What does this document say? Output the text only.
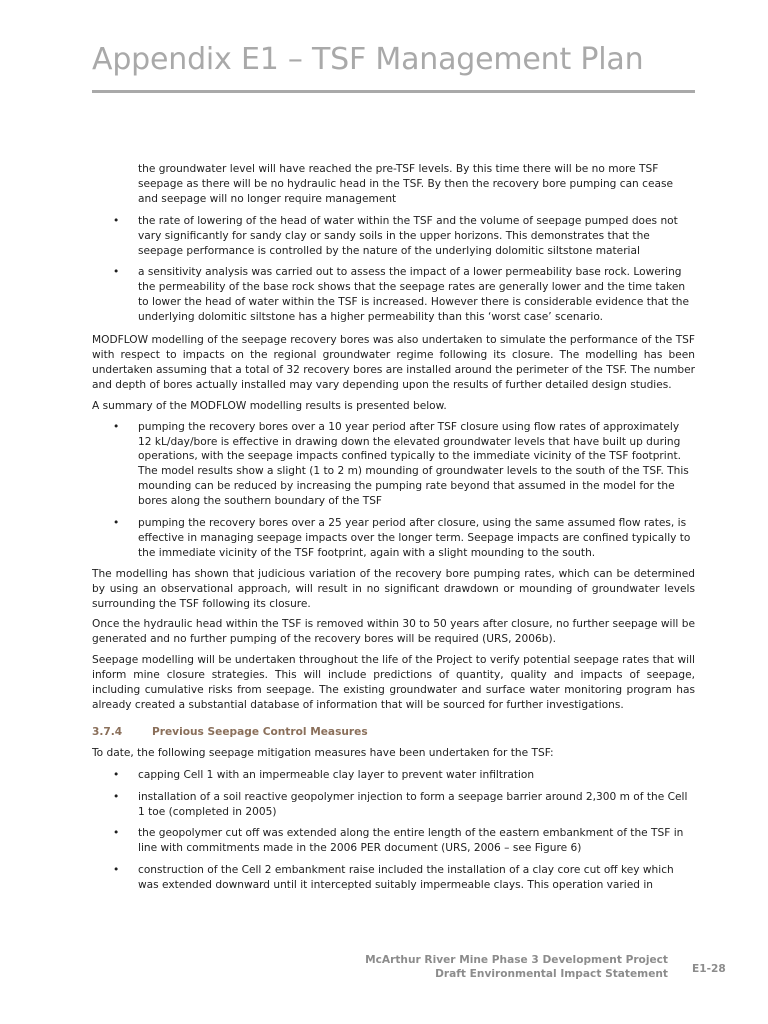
Appendix E1 – TSF Management Plan
the groundwater level will have reached the pre-TSF levels. By this time there will be no more TSF seepage as there will be no hydraulic head in the TSF. By then the recovery bore pumping can cease and seepage will no longer require management
• the rate of lowering of the head of water within the TSF and the volume of seepage pumped does not vary significantly for sandy clay or sandy soils in the upper horizons. This demonstrates that the seepage performance is controlled by the nature of the underlying dolomitic siltstone material
• a sensitivity analysis was carried out to assess the impact of a lower permeability base rock. Lowering the permeability of the base rock shows that the seepage rates are generally lower and the time taken to lower the head of water within the TSF is increased. However there is considerable evidence that the underlying dolomitic siltstone has a higher permeability than this ‘worst case’ scenario.

MODFLOW modelling of the seepage recovery bores was also undertaken to simulate the performance of the TSF with respect to impacts on the regional groundwater regime following its closure. The modelling has been undertaken assuming that a total of 32 recovery bores are installed around the perimeter of the TSF. The number and depth of bores actually installed may vary depending upon the results of further detailed design studies.

A summary of the MODFLOW modelling results is presented below.

• pumping the recovery bores over a 10 year period after TSF closure using flow rates of approximately 12 kL/day/bore is effective in drawing down the elevated groundwater levels that have built up during operations, with the seepage impacts confined typically to the immediate vicinity of the TSF footprint. The model results show a slight (1 to 2 m) mounding of groundwater levels to the south of the TSF. This mounding can be reduced by increasing the pumping rate beyond that assumed in the model for the bores along the southern boundary of the TSF
• pumping the recovery bores over a 25 year period after closure, using the same assumed flow rates, is effective in managing seepage impacts over the longer term. Seepage impacts are confined typically to the immediate vicinity of the TSF footprint, again with a slight mounding to the south.

The modelling has shown that judicious variation of the recovery bore pumping rates, which can be determined by using an observational approach, will result in no significant drawdown or mounding of groundwater levels surrounding the TSF following its closure.

Once the hydraulic head within the TSF is removed within 30 to 50 years after closure, no further seepage will be generated and no further pumping of the recovery bores will be required (URS, 2006b).

Seepage modelling will be undertaken throughout the life of the Project to verify potential seepage rates that will inform mine closure strategies. This will include predictions of quantity, quality and impacts of seepage, including cumulative risks from seepage. The existing groundwater and surface water monitoring program has already created a substantial database of information that will be sourced for further investigations.

3.7.4	Previous Seepage Control Measures

To date, the following seepage mitigation measures have been undertaken for the TSF:

• capping Cell 1 with an impermeable clay layer to prevent water infiltration
• installation of a soil reactive geopolymer injection to form a seepage barrier around 2,300 m of the Cell 1 toe (completed in 2005)
• the geopolymer cut off was extended along the entire length of the eastern embankment of the TSF in line with commitments made in the 2006 PER document (URS, 2006 – see Figure 6)
• construction of the Cell 2 embankment raise included the installation of a clay core cut off key which was extended downward until it intercepted suitably impermeable clays. This operation varied in
McArthur River Mine Phase 3 Development Project
Draft Environmental Impact Statement E1-28
